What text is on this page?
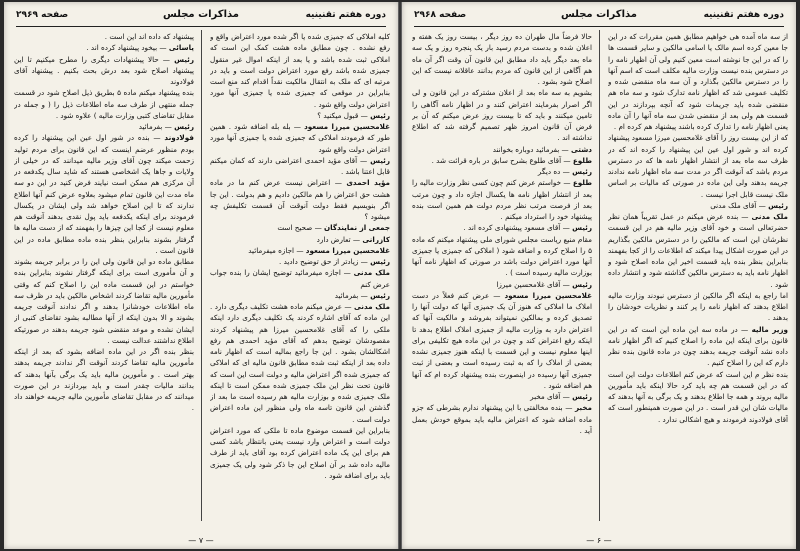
صفحه ۲۹۶۹	مذاکرات مجلس	دوره هفتم تقنینیه

کلیه املاکی که جمیزی شده یا اگر شده مورد اعتراض واقع و رفع نشده . چون مطابق ماده هشت کمک این است که املاکی ثبت شده باشد و یا بعد از اینکه اموال غیر منقول جمیزی شده باشد رفع مورد اعتراض دولت است و باید در مرتبه ای که ملک به انتقال مالکیت نقداً اقدام کند منع است بنابراین در موقعی که جمیزی شده یا جمیزی آنها مورد اعتراض دولت واقع شود .

رئیس — قبول میکنید ؟

غلامحسین میرزا مسعود — بله بله اضافه شود . همین طور که فرمودند املاکی که جمیزی شده یا جمیزی آنها مورد اعتراض دولت واقع شود

رئیس — آقای مؤید احمدی اعتراضی دارند که کمان میکنم قابل اعتنا باشد .

مؤید احمدی — اعتراض نیست عرض کنم ما در ماده هشت حق اعتراض را هم مالکین دادیم و هم بدولت . این جا اگر بنویسیم فقط دولت آنوقت آن قسمت تکلیفش چه میشود ؟

جمعی از نمایندگان — صحیح است

کازرانی — تعارض دارد

غلامحسین میرزا مسعود — اجازه میفرمائید

رئیس — زیادتر از حق توضیح دادید .

ملک مدنی — اجازه میفرمائید توضیح ایشان را بنده جواب عرض کنم

رئیس — بفرمائید

ملک مدنی — عرض میکنم ماده هشت تکلیف دیگری دارد . این ماده که آقای اشاره کردند یک تکلیف دیگری دارد اینکه ملکی را که آقای غلامحسین میرزا هم پیشنهاد کردند مقصودشان توضیح بدهم که آقای مؤید احمدی هم رفع اشکالشان بشود . این جا راجع بمالیه است که اظهار نامه داده بعد از اینکه ثبت شده مطابق قانون مالیه ای که املاکی که جمیزی شده اگر اعتراض مالیه و دولت است این است که قانون تحت نظر این ملک جمیزی شده ممکن است تا اینکه ملک جمیزی شده و بوزارت مالیه هم رسیده است ما بعد از گذشتن این قانون تاسه ماه ولی منظور این ماده اعتراض دولت است .

بنابراین این قسمت موضوع ماده تا ملکی که مورد اعتراض دولت است و اعتراض وارد نیست یعنی بانتظار باشد کسی هم برای این یک ماده اعتراض کرده بود آقای باید از طرف مالیه داده شد بر آن اصلاح این جا ذکر شود ولی یک جمیزی باید برای اضافه شود .

پیشنهاد که داده اند این است .

یاسائی — بیخود پیشنهاد کرده اند .

رئیس — حالا پیشنهادات دیگری را مطرح میکنیم تا این پیشنهاد اصلاح شود بعد درش بحث بکنیم . پیشنهاد آقای فولادوند

بنده پیشنهاد میکنم ماده ۵ بطریق ذیل اصلاح شود در قسمت جمله منتهی از طرف سه ماه اطلاعات ذیل را ( و جمله در مقابل تقاضای کتبی وزارت مالیه ) علاوه شود .

رئیس — بفرمائید

فولادوند — بنده در شور اول عین این پیشنهاد را کرده بودم منظور عرضم اینست که این قانون برای مردم تولید زحمت میکند چون آقای وزیر مالیه میدانند که در خیلی از ولایات و جاها یک اشخاصی هستند که شاید سال یکدفعه در آن مرکزی هم ممکن است نیایند فرض کنید در این دو سه ماه مدت این قانون تمام میشود بعلاوه عرض کنم آنها اطلاع ندارند که تا این اصلاح خواهد شد ولی ایشان در یکسال فرمودند برای اینکه یکدفعه باید پول نقدی بدهند آنوقت هم معلوم نیست از کجا این چیزها را بفهمند که از دست مالیه ها گرفتار بشوند بنابراین بنظر بنده ماده مطابق ماده در این قانون است .

مطابق ماده دو این قانون ولی این را در برابر جریمه بشوند و آن مأموری است برای اینکه گرفتار نشوند بنابراین بنده خواستم در این قسمت ماده این را اصلاح کنم که وقتی مأمورین مالیه تقاضا کردند اشخاص مالکین باید در ظرف سه ماه اطلاعات خودشانرا بدهند و اگر ندادند آنوقت جریمه بشوند و الا بدون اینکه از آنها مطالبه بشود تقاضای کتبی از ایشان نشده و موعد منقضی شود جریمه بدهند در صورتیکه اطلاع نداشتند عدالت نیست .

بنظر بنده اگر در این ماده اضافه بشود که بعد از اینکه مأمورین مالیه تقاضا کردند آنوقت اگر ندادند جریمه بدهند بهتر است . و مأمورین مالیه باید یک برگی بآنها بدهند که بدانند مالیات چقدر است و باید بپردازند در این صورت میدانند که در مقابل تقاضای مأمورین مالیه جریمه خواهند داد .

— ۷ —
صفحه ۲۹۶۸	مذاکرات مجلس	دوره هفتم تقنینیه

از سه ماه آمده هی خواهیم مطابق همین مقررات که در این جا معین کرده اسم مالک یا اسامی مالکین و سایر قسمت ها را که در این جا نوشته است معین کنیم ولی آن اظهار نامه را در دسترس بنده نیست وزارت مالیه مکلف است که اسم آنها را در دسترس مالکین بگذارد و آن سه ماه منقضی شده و تکلیف عمومی شد که اظهار نامه تدارک شود و سه ماه هم منقضی شده باید جریمات شود که آنچه بپردازند در این قسمت هم ولی بعد از منقضی شدن سه ماه آنها را آن ماده یعنی اظهار نامه را تدارک کرده باشند پیشنهاد هم کرده ام .

که از این بیست روز را آقای غلامحسین میرزا مسعود پیشنهاد کرده اند و شور اول عین این پیشنهاد را کرده اند که در ظرف سه ماه بعد از انتشار اظهار نامه ها که در دسترس مردم باشد که آنوقت اگر در مدت سه ماه اظهار نامه ندادند جریمه بدهند ولی این ماده در صورتی که مالیات بر اساس ملک نیست قابل اجرا نیست .

رئیس — آقای ملک مدنی

ملک مدنی — بنده عرض میکنم در عمل تقریباً همان نظر حضرتعالی است و خود آقای وزیر مالیه هم در این قسمت نظرشان این است که مالکین را در دسترس مالکین بگذاریم در این صورت اشکال پیدا میکند که اطلاعات را از کجا بفهمند بنابراین بنظر بنده باید قسمت اخیر این ماده اصلاح شود و اظهار نامه باید به دسترس مالکین گذاشته شود و انتشار داده شود .

اما راجع به اینکه اگر مالکین از دسترس نبودند وزارت مالیه اطلاع بدهند که اظهار نامه را پر کنند و نظریات خودشان را بدهند .

وزیر مالیه — در ماده سه این ماده این است که در این قانون برای اینکه این ماده را اصلاح کنیم که اگر اظهار نامه داده نشد آنوقت جریمه بدهند چون در ماده قانون بنده نظر دارم که این را اصلاح کنیم .

بنده نظر م این است که عرض کنم اطلاعات دولت این است که در این قسمت هم چه باید کرد حالا اینکه باید مأمورین مالیه بروند و همه جا اطلاع بدهند و یک برگی به آنها بدهند که مالیات شان این قدر است . در این صورت همینطور است که آقای فولادوند فرمودند و هیچ اشکالی ندارد .

حالا فرضاً مال طهران ده روز دیگر ، بیست روز یک هفته و اعلان شده و بدست مردم رسید بار یک پنجره روز و یک سه ماه بعد دیگر باید داد مطابق این قانون آن وقت اگر آن ماه هم آگاهی از این قانون که مردم بدانند عاقلانه نیست که این اصلاح شود بشود .

بشویم به سه ماه بعد از اعلان مشترکه در این قانون و لی اگر اصرار بفرمایند اعتراض کنند و در اظهار نامه آگاهی را تامین میکنند و باید که تا بیست روز عرض میکنم که آن بر فرض آن قانون امروز ظهر تصمیم گرفته شد که اطلاع نداشته اند .

دشتی — بفرمائید دوباره بخوانند

طلوع — آقای طلوع بشرح سابق در باره قرائت شد .

رئیس — ده دیگر

طلوع — خواستم عرض کنم چون کسی نظر وزارت مالیه را بعد از انتشار اظهار نامه ها یکسال اجازه داد و چون مرتب بعد از فرصت مرتب نظر مردم دولت هم همین است بنده پیشنهاد خود را استرداد میکنم .

رئیس — آقای مسعود پیشنهادی کرده اند .

مقام منیع ریاست مجلس شورای ملی پیشنهاد میکنم که ماده ۵ را اصلاح کرده و اضافه شود ( املاکی که جمیزی یا جمیزی آنها مورد اعتراض دولت باشد در صورتی که اظهار نامه آنها بوزارت مالیه رسیده است ) .

رئیس — آقای غلامحسین میرزا

غلامحسین میرزا مسعود — عرض کنم فعلاً در دست املاک ما املاکی که هنوز آن یک جمیزی آنها که دولت آنها را تصدیق کرده و بمالکین نمیتواند بفروشد و مالکیت آنها که اعتراض دارد به وزارت مالیه از جمیزی املاک اطلاع بدهد تا اینکه رفع اعتراض کند و چون در این ماده هیچ تکلیفی برای اینها معلوم نیست و این قسمت با اینکه هنوز جمیزی نشده بعضی از املاک را که به ثبت رسیده است و بعضی از ثبت جمیزی آنها رسیده در اینصورت بنده پیشنهاد کرده ام که آنها هم اضافه شود .

رئیس — آقای مخبر

مخبر — بنده مخالفتی با این پیشنهاد ندارم بشرطی که جزو ماده اضافه شود که اعتراض مالیه باید بموقع خودش بعمل آید .

— ۶ —
